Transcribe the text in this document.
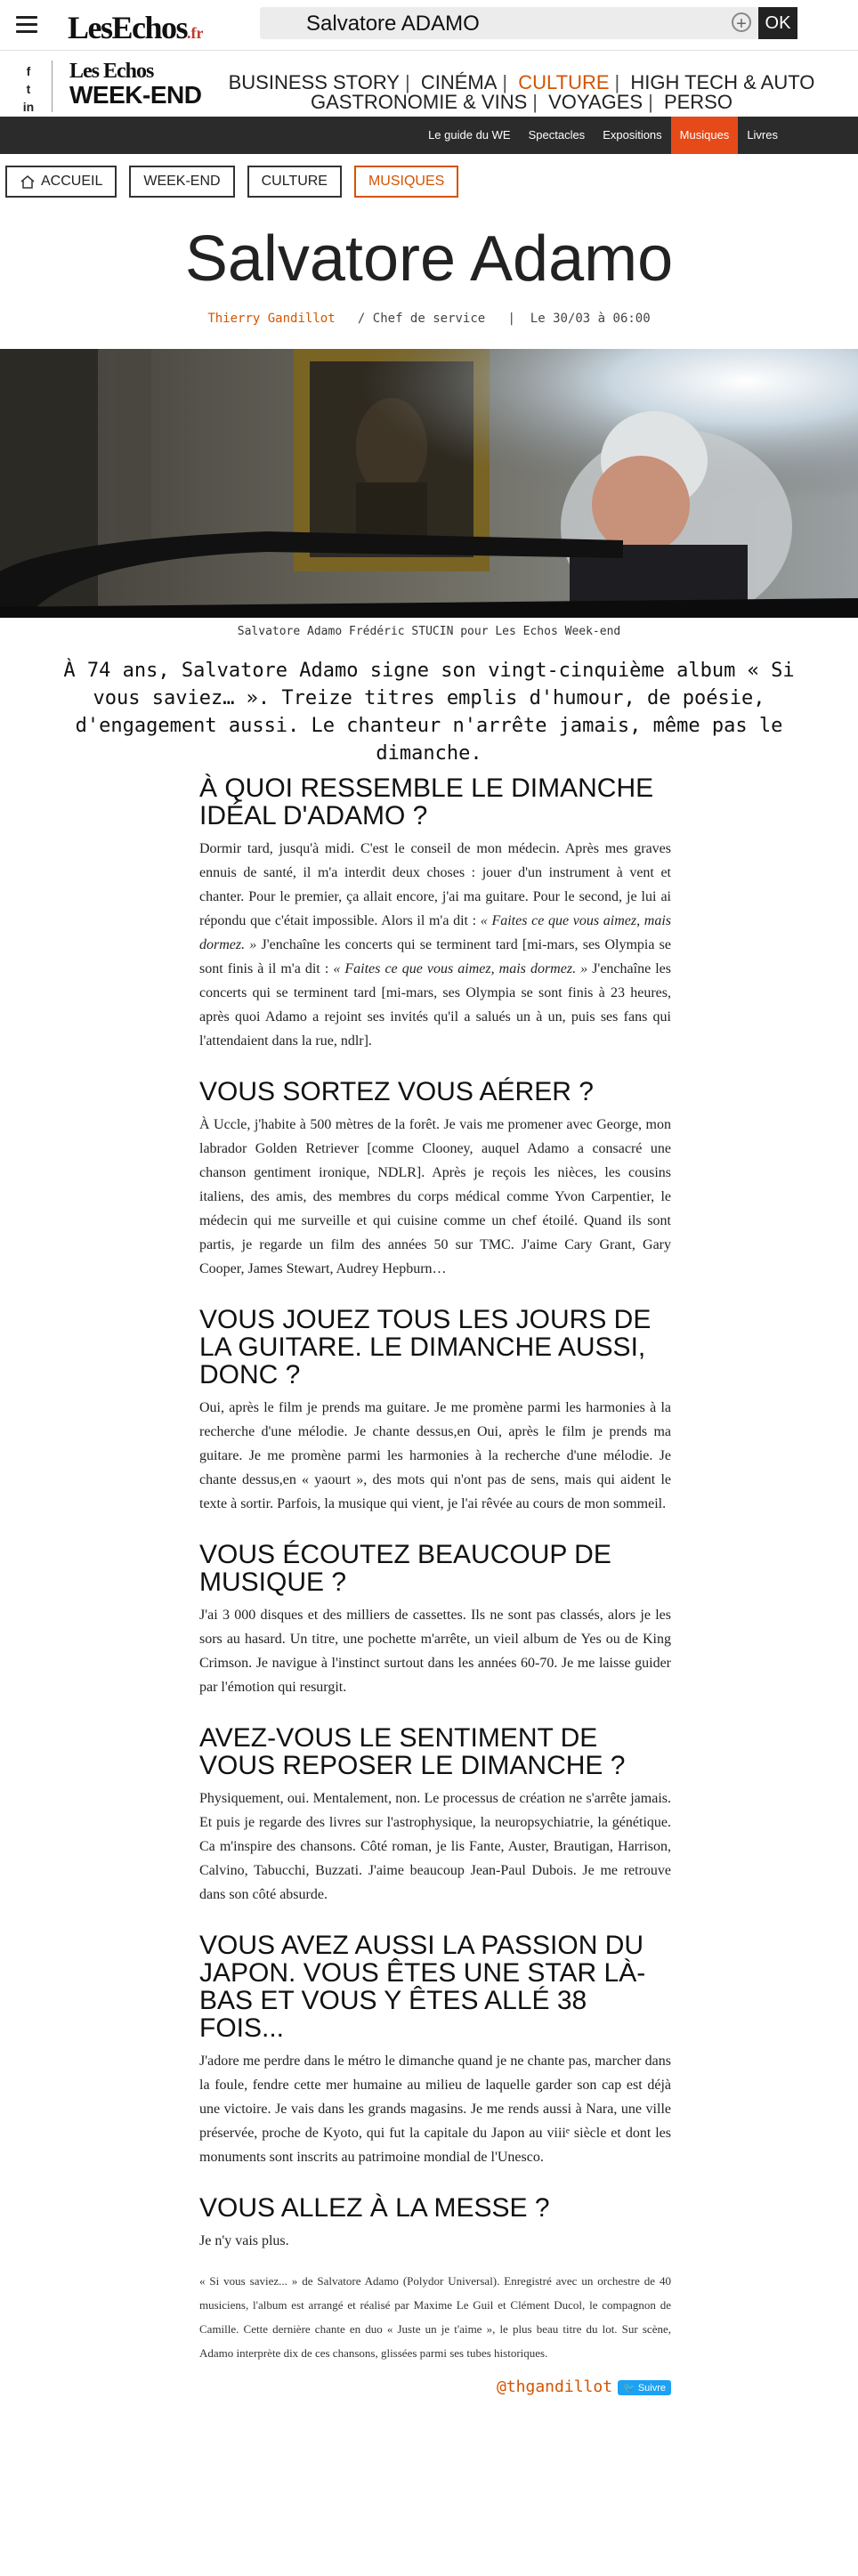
LesEchos.fr
Salvatore ADAMO	+	OK
f
t
in
Les Echos
WEEK-END	BUSINESS STORY | CINÉMA | CULTURE | HIGH TECH & AUTO
GASTRONOMIE & VINS | VOYAGES | PERSO
Le guide du WE	Spectacles	Expositions	Musiques	Livres
ACCUEIL	WEEK-END	CULTURE	MUSIQUES
Salvatore Adamo
Thierry Gandillot / Chef de service   |  Le 30/03 à 06:00
Salvatore Adamo Frédéric STUCIN pour Les Echos Week-end
À 74 ans, Salvatore Adamo signe son vingt-cinquième album « Si vous saviez… ». Treize titres emplis d'humour, de poésie, d'engagement aussi. Le chanteur n'arrête jamais, même pas le dimanche.
À QUOI RESSEMBLE LE DIMANCHE IDÉAL D'ADAMO ?

Dormir tard, jusqu'à midi. C'est le conseil de mon médecin. Après mes graves ennuis de santé, il m'a interdit deux choses : jouer d'un instrument à vent et chanter. Pour le premier, ça allait encore, j'ai ma guitare. Pour le second, je lui ai répondu que c'était impossible. Alors il m'a dit : « Faites ce que vous aimez, mais dormez. » J'enchaîne les concerts qui se terminent tard [mi-mars, ses Olympia se sont finis à il m'a dit : « Faites ce que vous aimez, mais dormez. » J'enchaîne les concerts qui se terminent tard [mi-mars, ses Olympia se sont finis à 23 heures, après quoi Adamo a rejoint ses invités qu'il a salués un à un, puis ses fans qui l'attendaient dans la rue, ndlr].

VOUS SORTEZ VOUS AÉRER ?

À Uccle, j'habite à 500 mètres de la forêt. Je vais me promener avec George, mon labrador Golden Retriever [comme Clooney, auquel Adamo a consacré une chanson gentiment ironique, NDLR]. Après je reçois les nièces, les cousins italiens, des amis, des membres du corps médical comme Yvon Carpentier, le médecin qui me surveille et qui cuisine comme un chef étoilé. Quand ils sont partis, je regarde un film des années 50 sur TMC. J'aime Cary Grant, Gary Cooper, James Stewart, Audrey Hepburn…

VOUS JOUEZ TOUS LES JOURS DE LA GUITARE. LE DIMANCHE AUSSI, DONC ?

Oui, après le film je prends ma guitare. Je me promène parmi les harmonies à la recherche d'une mélodie. Je chante dessus,en Oui, après le film je prends ma guitare. Je me promène parmi les harmonies à la recherche d'une mélodie. Je chante dessus,en « yaourt », des mots qui n'ont pas de sens, mais qui aident le texte à sortir. Parfois, la musique qui vient, je l'ai rêvée au cours de mon sommeil.

VOUS ÉCOUTEZ BEAUCOUP DE MUSIQUE ?

J'ai 3 000 disques et des milliers de cassettes. Ils ne sont pas classés, alors je les sors au hasard. Un titre, une pochette m'arrête, un vieil album de Yes ou de King Crimson. Je navigue à l'instinct surtout dans les années 60-70. Je me laisse guider par l'émotion qui resurgit.

AVEZ-VOUS LE SENTIMENT DE VOUS REPOSER LE DIMANCHE ?

Physiquement, oui. Mentalement, non. Le processus de création ne s'arrête jamais. Et puis je regarde des livres sur l'astrophysique, la neuropsychiatrie, la génétique. Ca m'inspire des chansons. Côté roman, je lis Fante, Auster, Brautigan, Harrison, Calvino, Tabucchi, Buzzati. J'aime beaucoup Jean-Paul Dubois. Je me retrouve dans son côté absurde.

VOUS AVEZ AUSSI LA PASSION DU JAPON. VOUS ÊTES UNE STAR LÀ-BAS ET VOUS Y ÊTES ALLÉ 38 FOIS...

J'adore me perdre dans le métro le dimanche quand je ne chante pas, marcher dans la foule, fendre cette mer humaine au milieu de laquelle garder son cap est déjà une victoire. Je vais dans les grands magasins. Je me rends aussi à Nara, une ville préservée, proche de Kyoto, qui fut la capitale du Japon au viiiᵉ siècle et dont les monuments sont inscrits au patrimoine mondial de l'Unesco.

VOUS ALLEZ À LA MESSE ?

Je n'y vais plus.

« Si vous saviez... » de Salvatore Adamo (Polydor Universal). Enregistré avec un orchestre de 40 musiciens, l'album est arrangé et réalisé par Maxime Le Guil et Clément Ducol, le compagnon de Camille. Cette dernière chante en duo « Juste un je t'aime », le plus beau titre du lot. Sur scène, Adamo interprète dix de ces chansons, glissées parmi ses tubes historiques.
@thgandillot 🐦 Suivre
